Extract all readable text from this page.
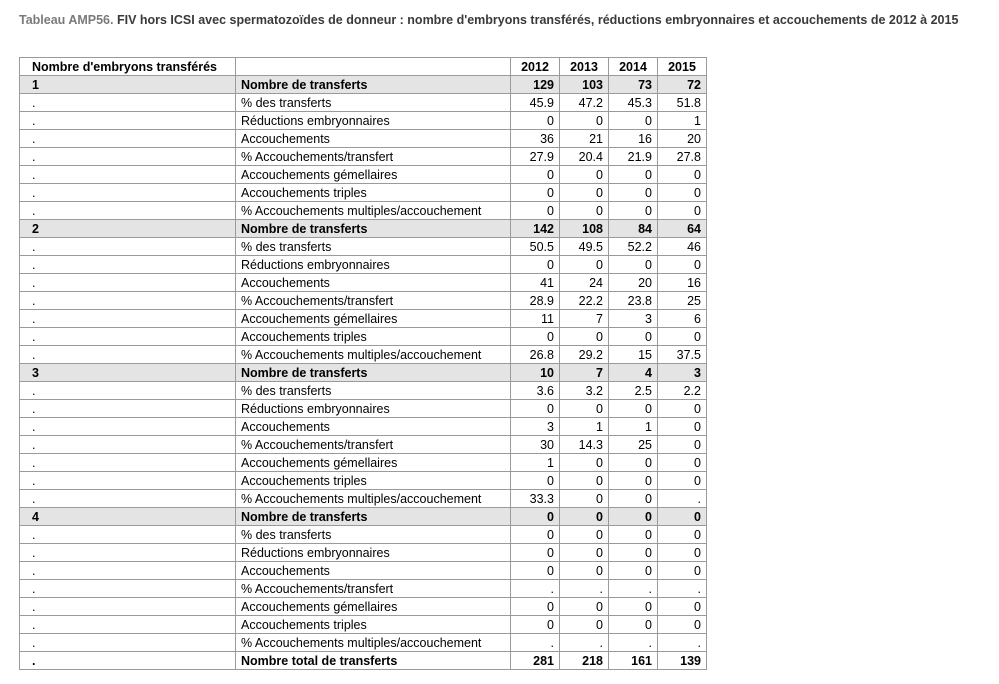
Tableau AMP56. FIV hors ICSI avec spermatozoïdes de donneur : nombre d'embryons transférés, réductions embryonnaires et accouchements de 2012 à 2015
Nombre d'embryons transférés		2012	2013	2014	2015
1	Nombre de transferts	129	103	73	72
.	% des transferts	45.9	47.2	45.3	51.8
.	Réductions embryonnaires	0	0	0	1
.	Accouchements	36	21	16	20
.	% Accouchements/transfert	27.9	20.4	21.9	27.8
.	Accouchements gémellaires	0	0	0	0
.	Accouchements triples	0	0	0	0
.	% Accouchements multiples/accouchement	0	0	0	0
2	Nombre de transferts	142	108	84	64
.	% des transferts	50.5	49.5	52.2	46
.	Réductions embryonnaires	0	0	0	0
.	Accouchements	41	24	20	16
.	% Accouchements/transfert	28.9	22.2	23.8	25
.	Accouchements gémellaires	11	7	3	6
.	Accouchements triples	0	0	0	0
.	% Accouchements multiples/accouchement	26.8	29.2	15	37.5
3	Nombre de transferts	10	7	4	3
.	% des transferts	3.6	3.2	2.5	2.2
.	Réductions embryonnaires	0	0	0	0
.	Accouchements	3	1	1	0
.	% Accouchements/transfert	30	14.3	25	0
.	Accouchements gémellaires	1	0	0	0
.	Accouchements triples	0	0	0	0
.	% Accouchements multiples/accouchement	33.3	0	0	.
4	Nombre de transferts	0	0	0	0
.	% des transferts	0	0	0	0
.	Réductions embryonnaires	0	0	0	0
.	Accouchements	0	0	0	0
.	% Accouchements/transfert	.	.	.	.
.	Accouchements gémellaires	0	0	0	0
.	Accouchements triples	0	0	0	0
.	% Accouchements multiples/accouchement	.	.	.	.
.	Nombre total de transferts	281	218	161	139
